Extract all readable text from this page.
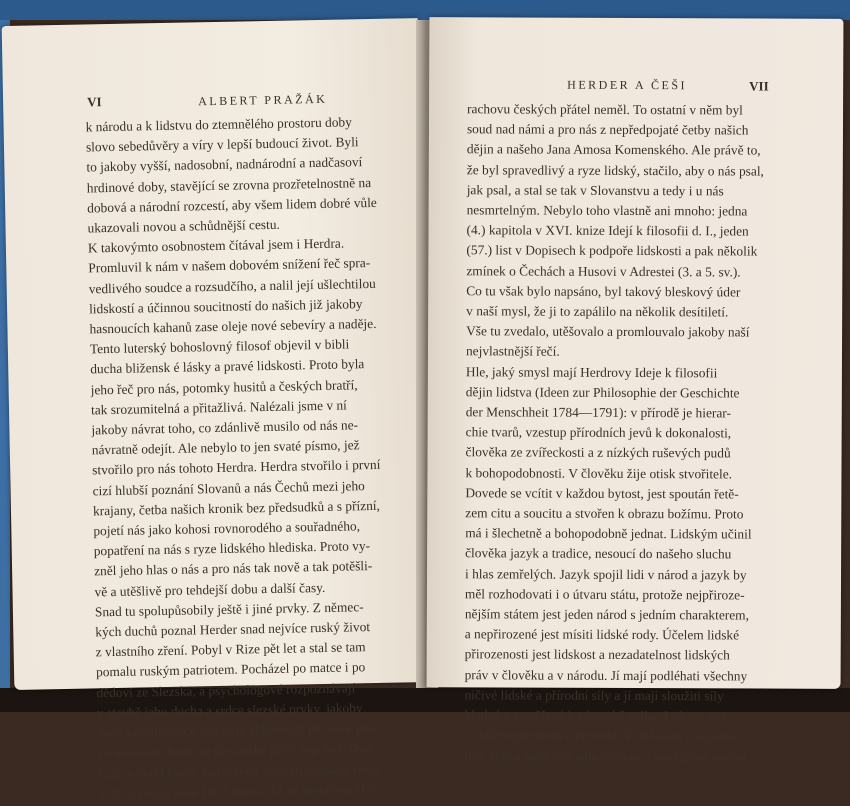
VI	ALBERT PRAŽÁK
k národu a k lidstvu do ztemnělého prostoru doby
slovo sebedůvěry a víry v lepší budoucí život. Byli
to jakoby vyšší, nadosobní, nadnárodní a nadčasoví
hrdinové doby, stavějící se zrovna prozřetelnostně na
dobová a národní rozcestí, aby všem lidem dobré vůle
ukazovali novou a schůdnější cestu.
K takovýmto osobnostem čítával jsem i Herdra.
Promluvil k nám v našem dobovém snížení řeč spra-
vedlivého soudce a rozsudčího, a nalil její ušlechtilou
lidskostí a účinnou soucitností do našich již jakoby
hasnoucích kahanů zase oleje nové sebevíry a naděje.
Tento luterský bohoslovný filosof objevil v bibli
ducha bližensk é lásky a pravé lidskosti. Proto byla
jeho řeč pro nás, potomky husitů a českých bratří,
tak srozumitelná a přitažlivá. Nalézali jsme v ní
jakoby návrat toho, co zdánlivě musilo od nás ne-
návratně odejít. Ale nebylo to jen svaté písmo, jež
stvořilo pro nás tohoto Herdra. Herdra stvořilo i první
cizí hlubší poznání Slovanů a nás Čechů mezi jeho
krajany, četba našich kronik bez předsudků a s přízní,
pojetí nás jako kohosi rovnorodého a souřadného,
popatření na nás s ryze lidského hlediska. Proto vy-
zněl jeho hlas o nás a pro nás tak nově a tak potěšli-
vě a utěšlivě pro tehdejší dobu a další časy.
Snad tu spolupůsobily ještě i jiné prvky. Z němec-
kých duchů poznal Herder snad nejvíce ruský život
z vlastního zření. Pobyl v Rize pět let a stal se tam
pomalu ruským patriotem. Pocházel po matce i po
dědovi ze Slezska, a psychologové rozpoznávají
v stavbě jeho ducha a srdce slezské prvky, jakoby
dech vystěhovalců pro víru, sklonných již tím k pra-
vé lidskosti. Jinak na slovanské půdě nepobyl. Dva-
krát se dotkl Čech, Karlových Varů (Karlsbad), roku
1785 trvaleji, roku 1803 letmo. Až na hraběnku Har-
HERDER A ČEŠI	VII
rachovu českých přátel neměl. To ostatní v něm byl
soud nad námi a pro nás z nepředpojaté četby našich
dějin a našeho Jana Amosa Komenského. Ale právě to,
že byl spravedlivý a ryze lidský, stačilo, aby o nás psal,
jak psal, a stal se tak v Slovanstvu a tedy i u nás
nesmrtelným. Nebylo toho vlastně ani mnoho: jedna
(4.) kapitola v XVI. knize Idejí k filosofii d. I., jeden
(57.) list v Dopisech k podpoře lidskosti a pak několik
zmínek o Čechách a Husovi v Adrestei (3. a 5. sv.).
Co tu však bylo napsáno, byl takový bleskový úder
v naší mysl, že ji to zapálilo na několik desítiletí.
Vše tu zvedalo, utěšovalo a promlouvalo jakoby naší
nejvlastnější řečí.
Hle, jaký smysl mají Herdrovy Ideje k filosofii
dějin lidstva (Ideen zur Philosophie der Geschichte
der Menschheit 1784—1791): v přírodě je hierar-
chie tvarů, vzestup přírodních jevů k dokonalosti,
člověka ze zvířeckosti a z nízkých ruševých pudů
k bohopodobnosti. V člověku žije otisk stvořitele.
Dovede se vcítit v každou bytost, jest spoután řetě-
zem citu a soucitu a stvořen k obrazu božímu. Proto
má i šlechetně a bohopodobně jednat. Lidským učinil
člověka jazyk a tradice, nesoucí do našeho sluchu
i hlas zemřelých. Jazyk spojil lidi v národ a jazyk by
měl rozhodovati i o útvaru státu, protože nejpřiroze-
nějším státem jest jeden národ s jedním charakterem,
a nepřirozené jest mísiti lidské rody. Účelem lidské
přirozenosti jest lidskost a nezadatelnost lidských
práv v člověku a v národu. Jí mají podléhati všechny
ničivé lidské a přírodní síly a jí mají sloužiti síly
kladné a zaměřené k výstavbě celku. Lidstvo jest
v stálém přechodu a přerodu. V dožívání a ožívání
lidí, vlád a států jest jeho trvalost a souvislost možná
